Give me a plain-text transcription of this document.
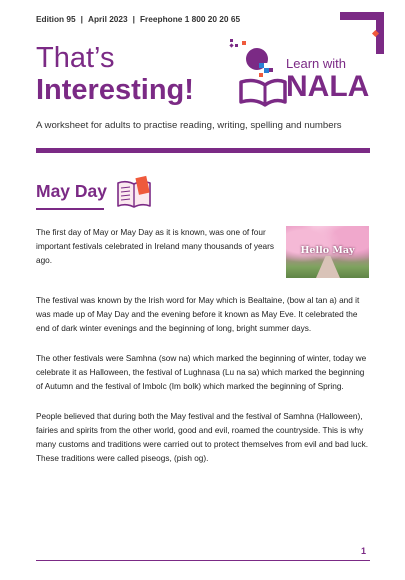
Edition 95 | April 2023 | Freephone 1 800 20 20 65
That’s
Interesting!
Learn with
NALA
A worksheet for adults to practise reading, writing, spelling and numbers
May Day
Hello May

The first day of May or May Day as it is known, was one of four important festivals celebrated in Ireland many thousands of years ago.

The festival was known by the Irish word for May which is Bealtaine, (bow al tan a) and it was made up of May Day and the evening before it known as May Eve. It celebrated the end of dark winter evenings and the beginning of long, bright summer days.

The other festivals were Samhna (sow na) which marked the beginning of winter, today we celebrate it as Halloween, the festival of Lughnasa (Lu na sa) which marked the beginning of Autumn and the festival of Imbolc (Im bolk) which marked the beginning of Spring.

People believed that during both the May festival and the festival of Samhna (Halloween), fairies and spirits from the other world, good and evil, roamed the countryside. This is why many customs and traditions were carried out to protect themselves from evil and bad luck. These traditions were called piseogs, (pish og).

1
